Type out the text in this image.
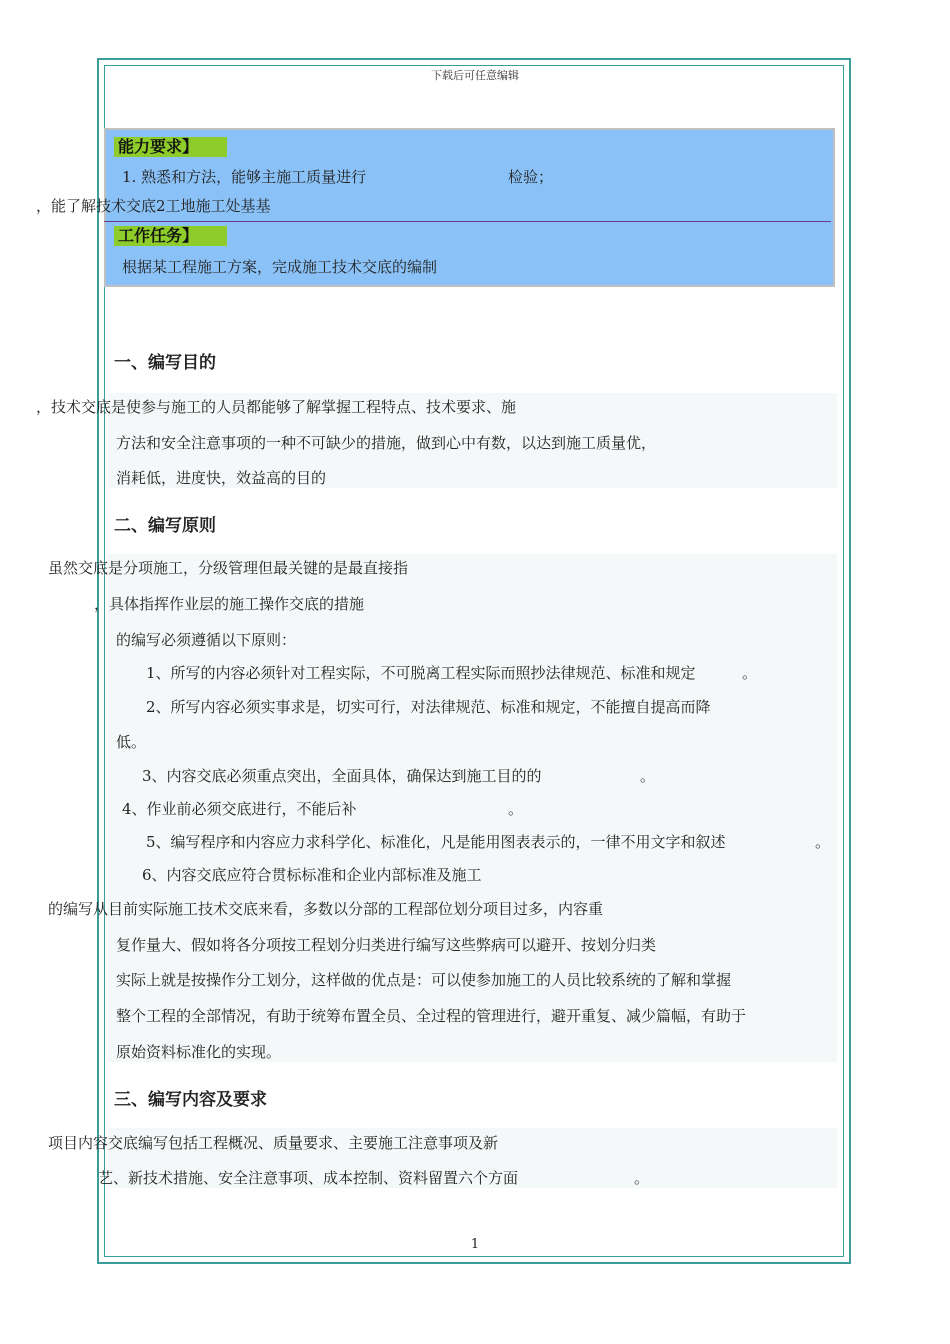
下载后可任意编辑
能力要求】
1. 熟悉和方法，能够主施工质量进行	检验；
，能了解技术交底2工地施工处基基
工作任务】
根据某工程施工方案，完成施工技术交底的编制
一、编写目的
，技术交底是使参与施工的人员都能够了解掌握工程特点、技术要求、施
方法和安全注意事项的一种不可缺少的措施，做到心中有数，以达到施工质量优，
消耗低，进度快，效益高的目的
二、编写原则
虽然交底是分项施工，分级管理但最关键的是最直接指
，具体指挥作业层的施工操作交底的措施
的编写必须遵循以下原则：
1、所写的内容必须针对工程实际，不可脱离工程实际而照抄法律规范、标准和规定	。
2、所写内容必须实事求是，切实可行，对法律规范、标准和规定，不能擅自提高而降
低。
3、内容交底必须重点突出，全面具体，确保达到施工目的的	。
4、作业前必须交底进行，不能后补	。
5、编写程序和内容应力求科学化、标准化，凡是能用图表表示的，一律不用文字和叙述	。
6、内容交底应符合贯标标准和企业内部标准及施工
的编写从目前实际施工技术交底来看，多数以分部的工程部位划分项目过多，内容重
复作量大、假如将各分项按工程划分归类进行编写这些弊病可以避开、按划分归类
实际上就是按操作分工划分，这样做的优点是：可以使参加施工的人员比较系统的了解和掌握
整个工程的全部情况，有助于统筹布置全员、全过程的管理进行，避开重复、减少篇幅，有助于
原始资料标准化的实现。
三、编写内容及要求
项目内容交底编写包括工程概况、质量要求、主要施工注意事项及新
艺、新技术措施、安全注意事项、成本控制、资料留置六个方面	。
1
